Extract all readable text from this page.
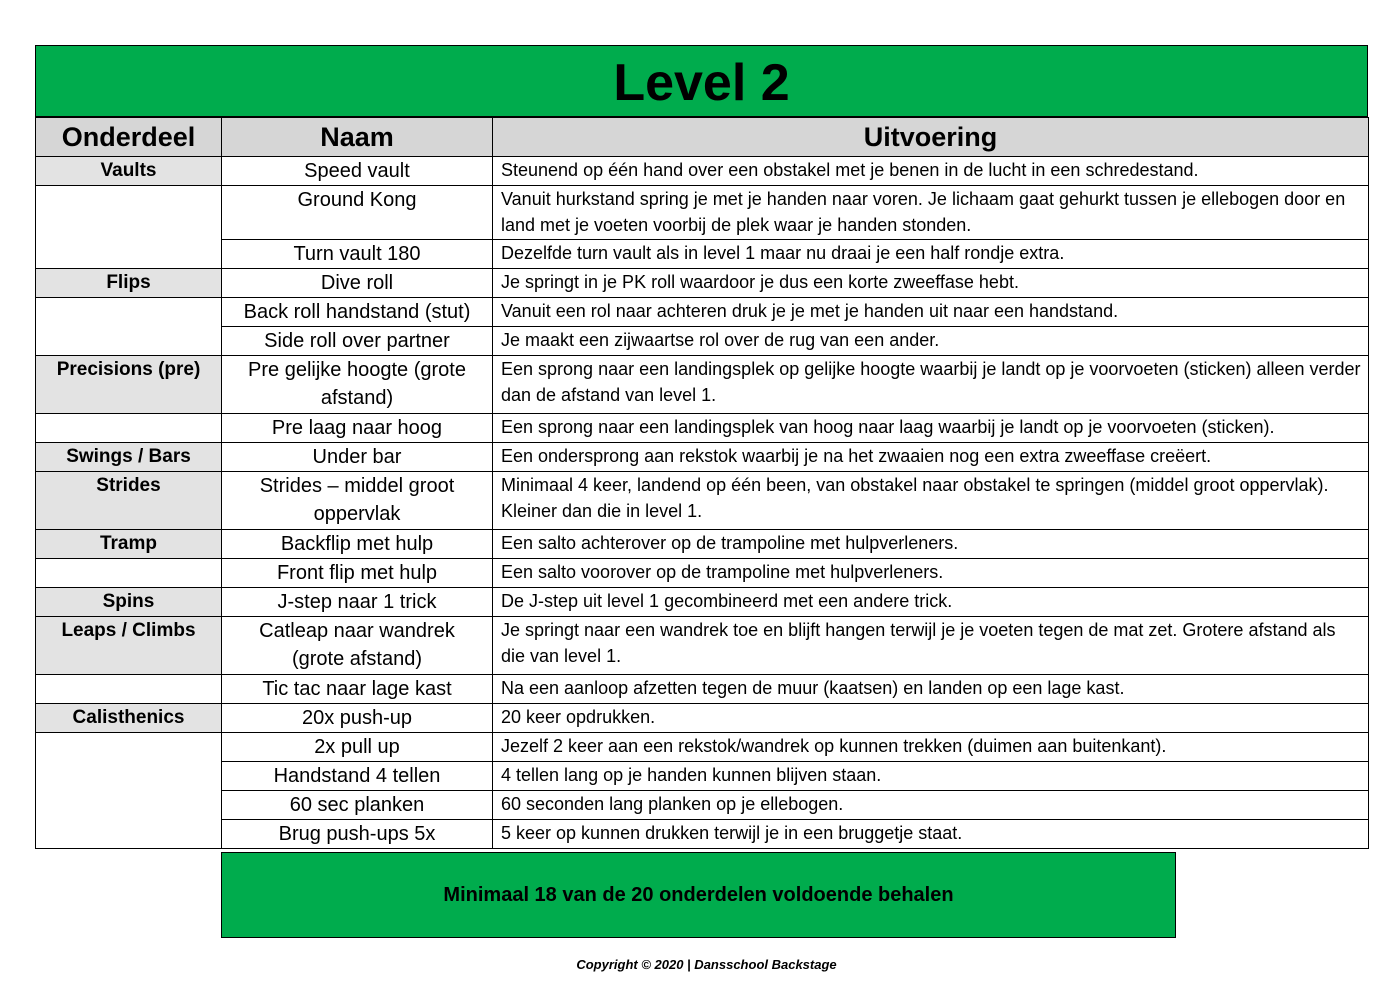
Level 2
Onderdeel	Naam	Uitvoering
Vaults	Speed vault	Steunend op één hand over een obstakel met je benen in de lucht in een schredestand.
	Ground Kong	Vanuit hurkstand spring je met je handen naar voren. Je lichaam gaat gehurkt tussen je ellebogen door en land met je voeten voorbij de plek waar je handen stonden.
	Turn vault 180	Dezelfde turn vault als in level 1 maar nu draai je een half rondje extra.
Flips	Dive roll	Je springt in je PK roll waardoor je dus een korte zweeffase hebt.
	Back roll handstand (stut)	Vanuit een rol naar achteren druk je je met je handen uit naar een handstand.
	Side roll over partner	Je maakt een zijwaartse rol over de rug van een ander.
Precisions (pre)	Pre gelijke hoogte (grote afstand)	Een sprong naar een landingsplek op gelijke hoogte waarbij je landt op je voorvoeten (sticken) alleen verder dan de afstand van level 1.
	Pre laag naar hoog	Een sprong naar een landingsplek van hoog naar laag waarbij je landt op je voorvoeten (sticken).
Swings / Bars	Under bar	Een ondersprong aan rekstok waarbij je na het zwaaien nog een extra zweeffase creëert.
Strides	Strides – middel groot oppervlak	Minimaal 4 keer, landend op één been, van obstakel naar obstakel te springen (middel groot oppervlak). Kleiner dan die in level 1.
Tramp	Backflip met hulp	Een salto achterover op de trampoline met hulpverleners.
	Front flip met hulp	Een salto voorover op de trampoline met hulpverleners.
Spins	J-step naar 1 trick	De J-step uit level 1 gecombineerd met een andere trick.
Leaps / Climbs	Catleap naar wandrek (grote afstand)	Je springt naar een wandrek toe en blijft hangen terwijl je je voeten tegen de mat zet. Grotere afstand als die van level 1.
	Tic tac naar lage kast	Na een aanloop afzetten tegen de muur (kaatsen) en landen op een lage kast.
Calisthenics	20x push-up	20 keer opdrukken.
	2x pull up	Jezelf 2 keer aan een rekstok/wandrek op kunnen trekken (duimen aan buitenkant).
	Handstand 4 tellen	4 tellen lang op je handen kunnen blijven staan.
	60 sec planken	60 seconden lang planken op je ellebogen.
	Brug push-ups 5x	5 keer op kunnen drukken terwijl je in een bruggetje staat.
Minimaal 18 van de 20 onderdelen voldoende behalen
Copyright © 2020 | Dansschool Backstage
